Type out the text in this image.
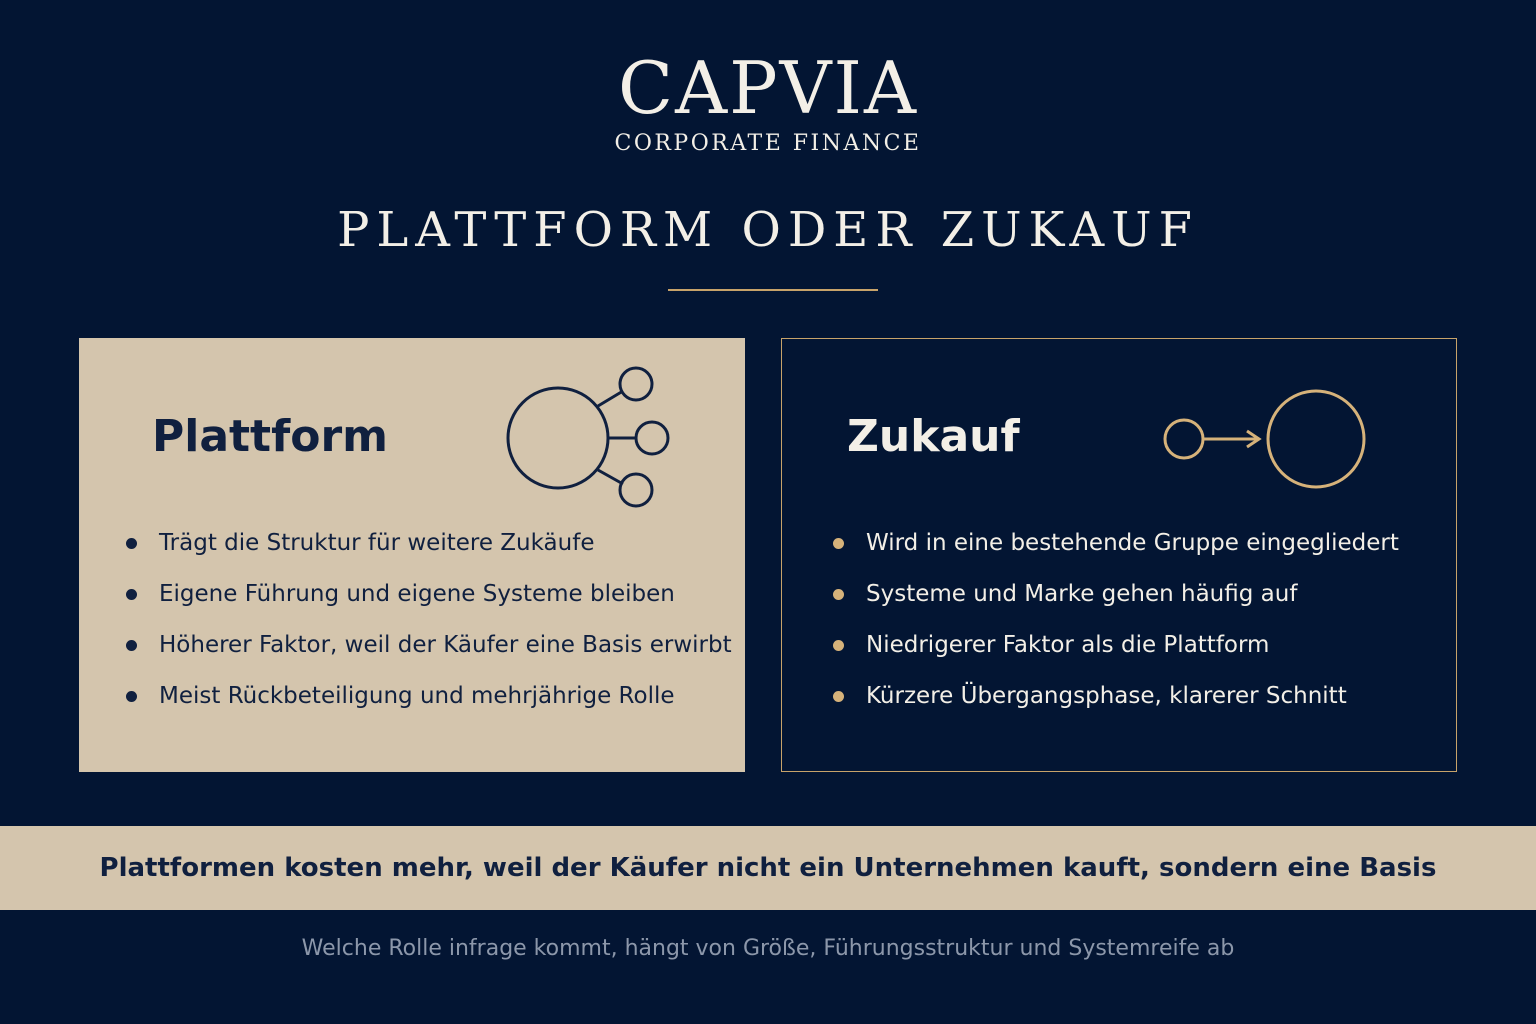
CAPVIA
CORPORATE FINANCE
PLATTFORM ODER ZUKAUF
Plattform	Zukauf
Trägt die Struktur für weitere Zukäufe
Eigene Führung und eigene Systeme bleiben
Höherer Faktor, weil der Käufer eine Basis erwirbt
Meist Rückbeteiligung und mehrjährige Rolle
Wird in eine bestehende Gruppe eingegliedert
Systeme und Marke gehen häufig auf
Niedrigerer Faktor als die Plattform
Kürzere Übergangsphase, klarerer Schnitt
Plattformen kosten mehr, weil der Käufer nicht ein Unternehmen kauft, sondern eine Basis
Welche Rolle infrage kommt, hängt von Größe, Führungsstruktur und Systemreife ab
